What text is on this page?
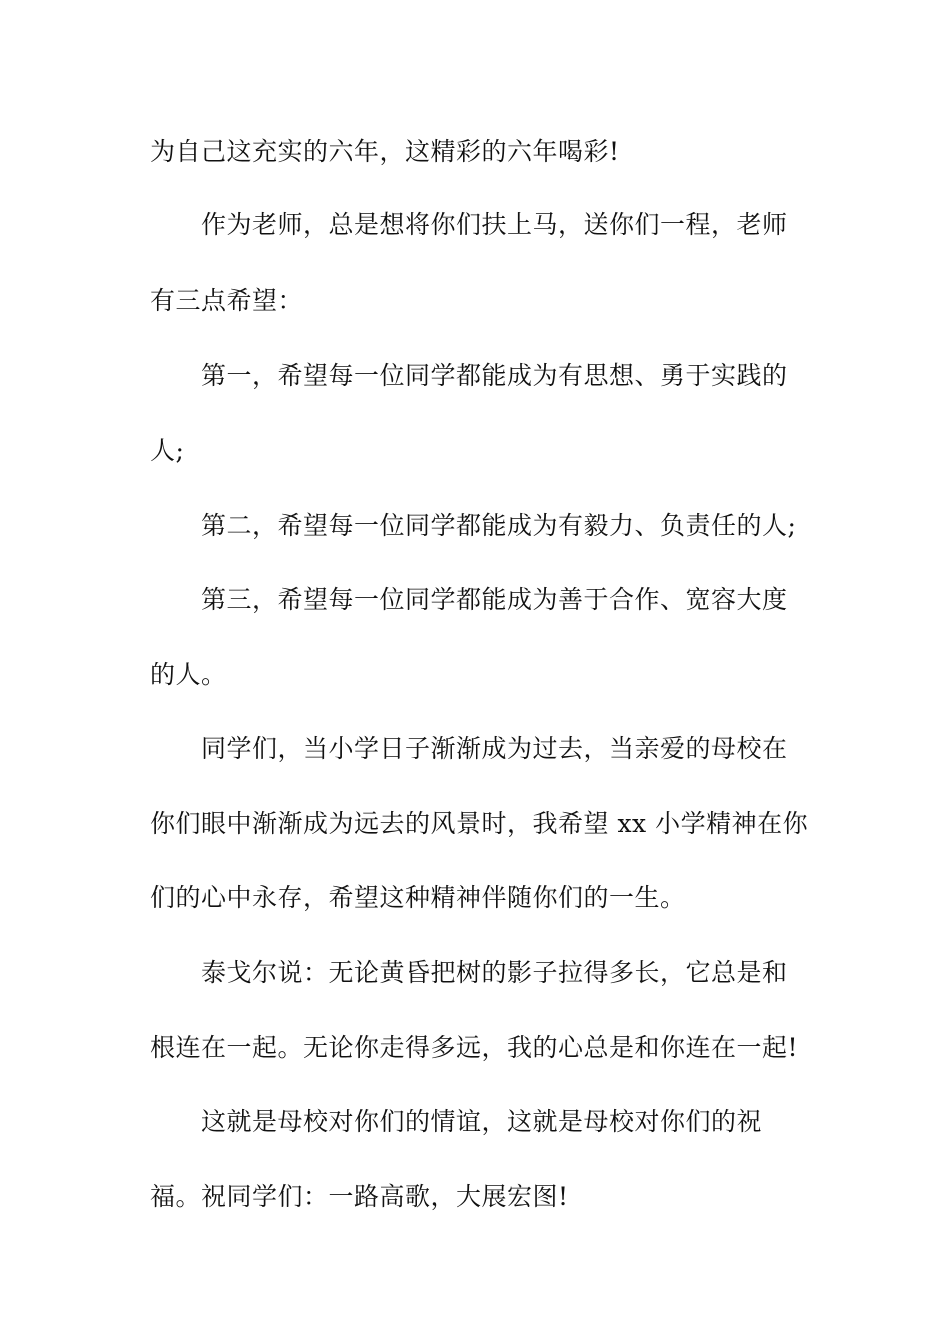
为自己这充实的六年，这精彩的六年喝彩!
作为老师，总是想将你们扶上马，送你们一程，老师
有三点希望：
第一，希望每一位同学都能成为有思想、勇于实践的
人;
第二，希望每一位同学都能成为有毅力、负责任的人;
第三，希望每一位同学都能成为善于合作、宽容大度
的人。
同学们，当小学日子渐渐成为过去，当亲爱的母校在
你们眼中渐渐成为远去的风景时，我希望 xx 小学精神在你
们的心中永存，希望这种精神伴随你们的一生。
泰戈尔说：无论黄昏把树的影子拉得多长，它总是和
根连在一起。无论你走得多远，我的心总是和你连在一起!
这就是母校对你们的情谊，这就是母校对你们的祝
福。祝同学们：一路高歌，大展宏图!
